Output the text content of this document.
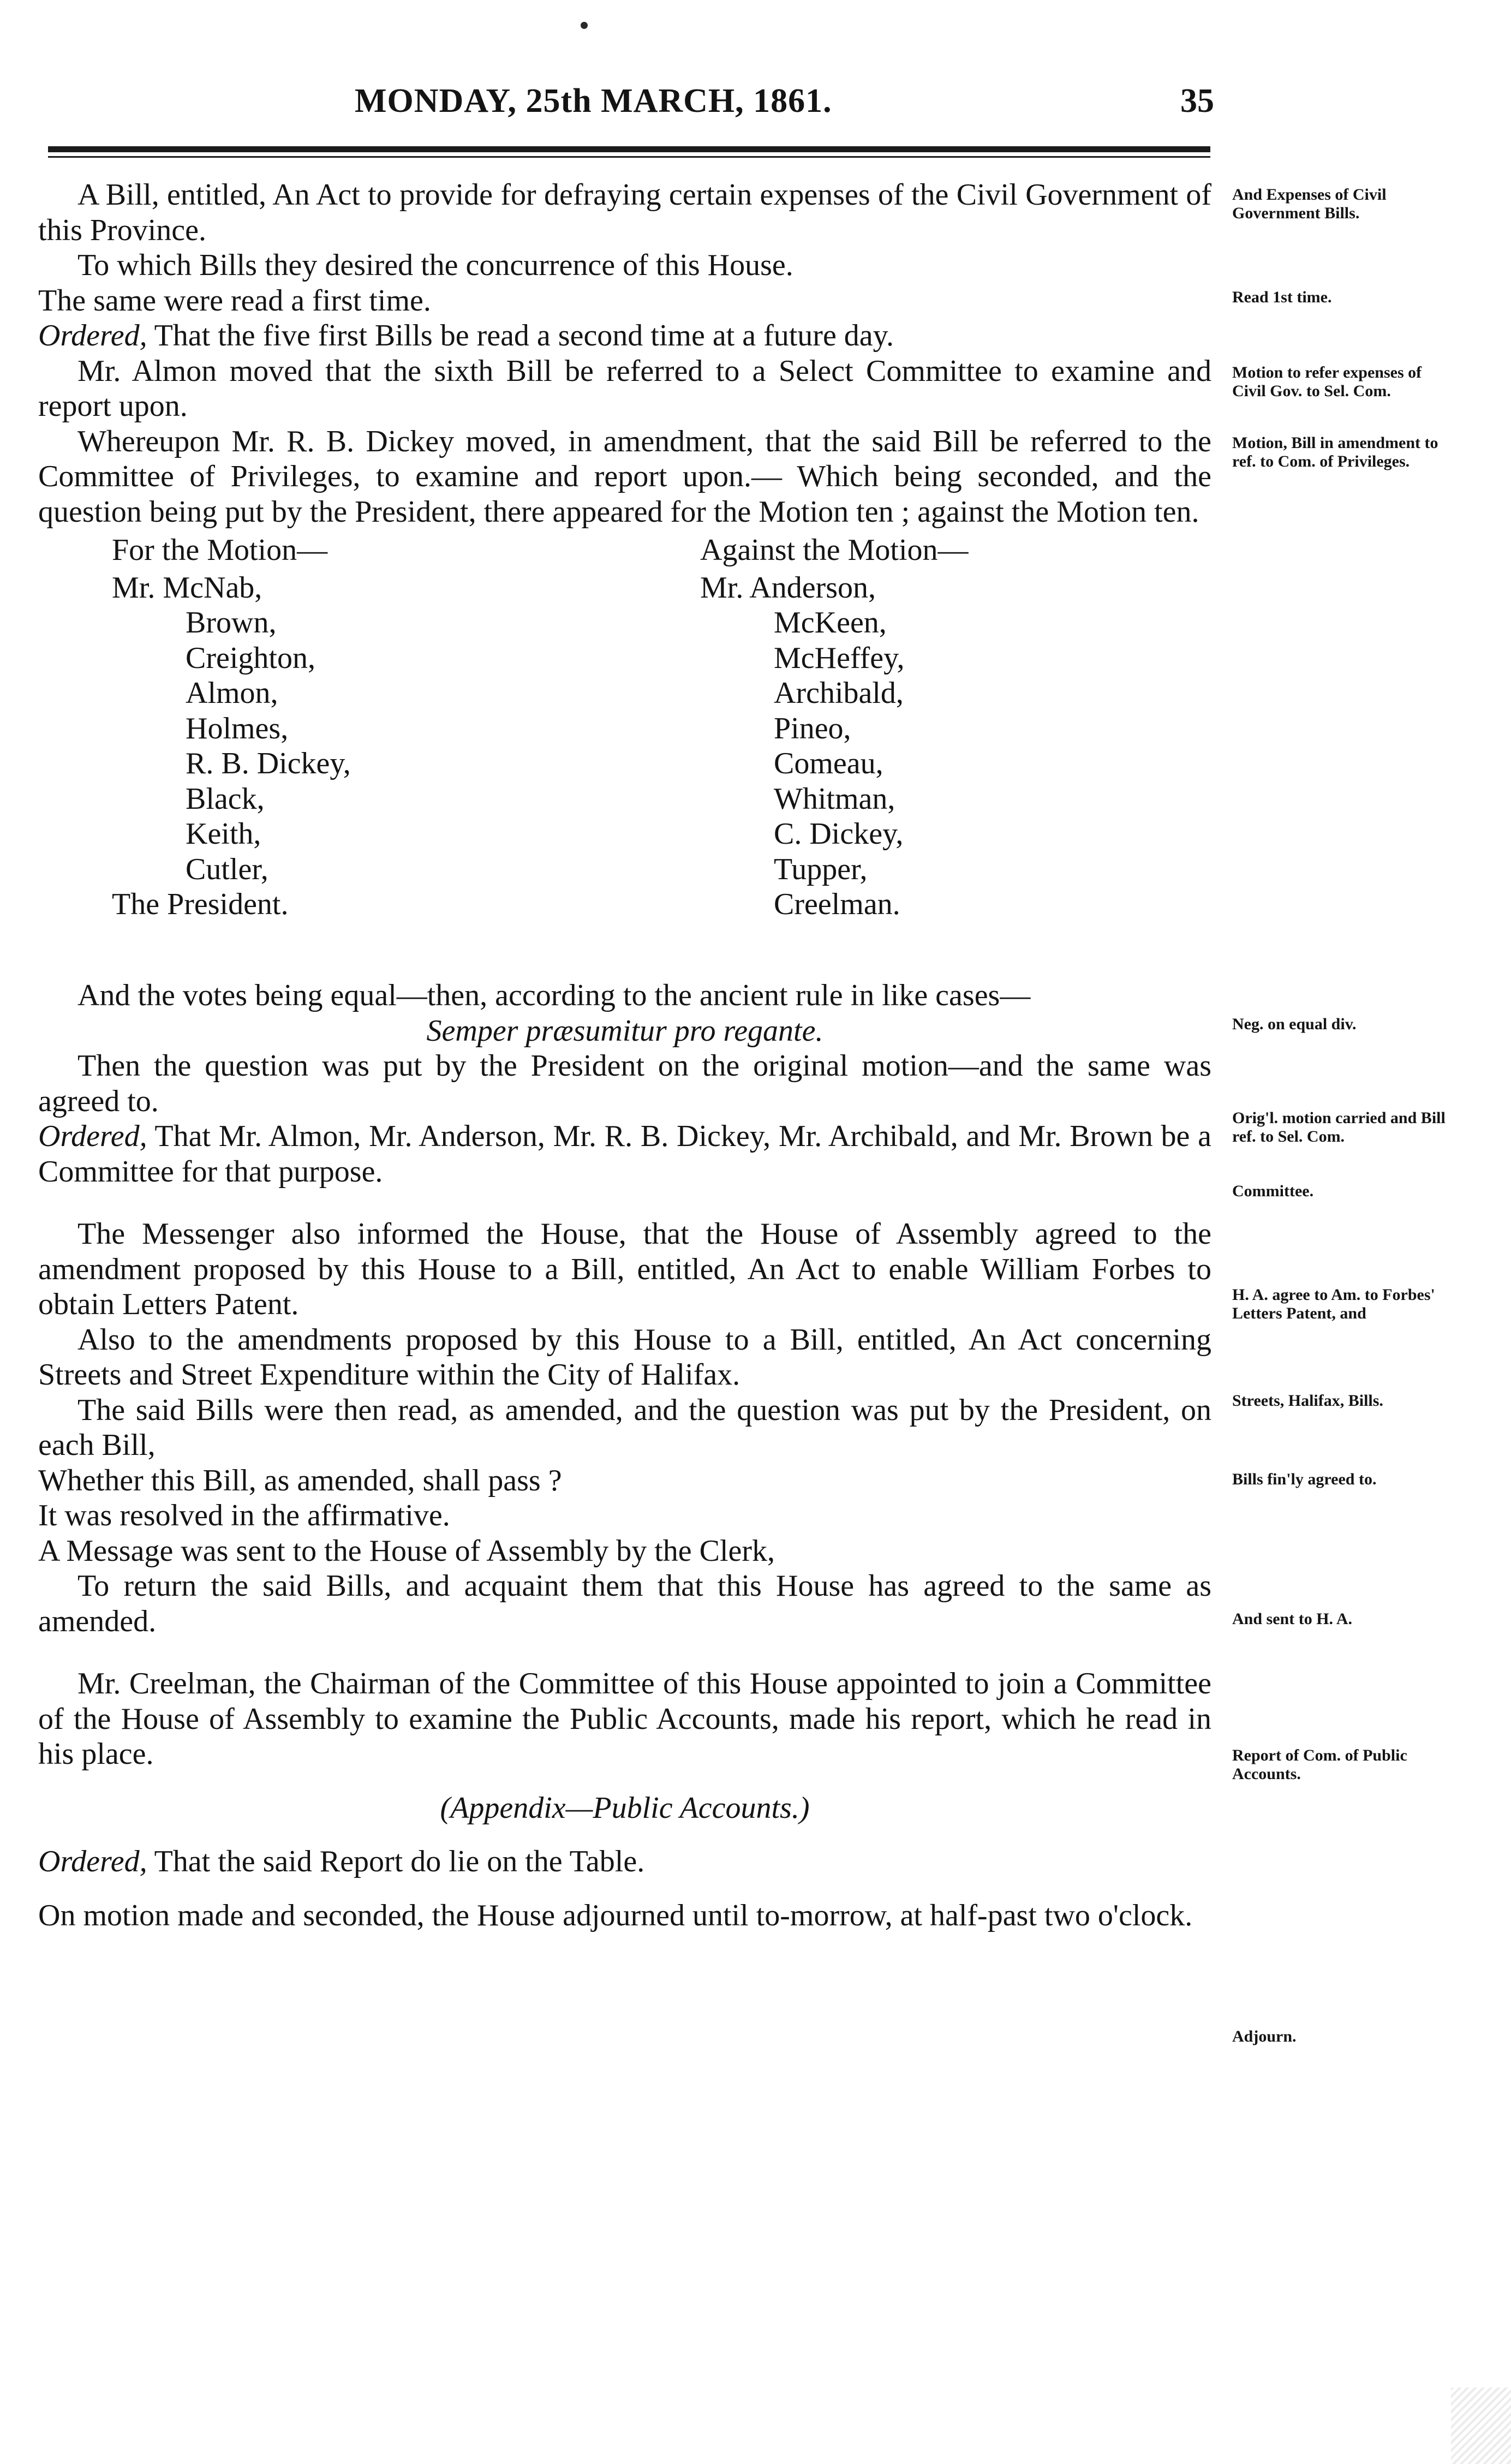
MONDAY, 25th MARCH, 1861.	35

A Bill, entitled, An Act to provide for defraying certain expenses of the Civil Government of this Province.

To which Bills they desired the concurrence of this House.

The same were read a first time.

Ordered, That the five first Bills be read a second time at a future day.

Mr. Almon moved that the sixth Bill be referred to a Select Committee to examine and report upon.

Whereupon Mr. R. B. Dickey moved, in amendment, that the said Bill be referred to the Committee of Privileges, to examine and report upon.— Which being seconded, and the question being put by the President, there appeared for the Motion ten ; against the Motion ten.

For the Motion—

Mr. McNab,
Brown,
Creighton,
Almon,
Holmes,
R. B. Dickey,
Black,
Keith,
Cutler,
The President.

Against the Motion—

Mr. Anderson,
McKeen,
McHeffey,
Archibald,
Pineo,
Comeau,
Whitman,
C. Dickey,
Tupper,
Creelman.

And the votes being equal—then, according to the ancient rule in like cases—

Semper præsumitur pro regante.

Then the question was put by the President on the original motion—and the same was agreed to.

Ordered, That Mr. Almon, Mr. Anderson, Mr. R. B. Dickey, Mr. Archibald, and Mr. Brown be a Committee for that purpose.

The Messenger also informed the House, that the House of Assembly agreed to the amendment proposed by this House to a Bill, entitled, An Act to enable William Forbes to obtain Letters Patent.

Also to the amendments proposed by this House to a Bill, entitled, An Act concerning Streets and Street Expenditure within the City of Halifax.

The said Bills were then read, as amended, and the question was put by the President, on each Bill,

Whether this Bill, as amended, shall pass ?

It was resolved in the affirmative.

A Message was sent to the House of Assembly by the Clerk,

To return the said Bills, and acquaint them that this House has agreed to the same as amended.

Mr. Creelman, the Chairman of the Committee of this House appointed to join a Committee of the House of Assembly to examine the Public Accounts, made his report, which he read in his place.

(Appendix—Public Accounts.)

Ordered, That the said Report do lie on the Table.

On motion made and seconded, the House adjourned until to-morrow, at half-past two o'clock.

And Expenses of Civil Government Bills.

Read 1st time.

Motion to refer expenses of Civil Gov. to Sel. Com.

Motion, Bill in amendment to ref. to Com. of Privileges.

Neg. on equal div.

Orig'l. motion carried and Bill ref. to Sel. Com.

Committee.

H. A. agree to Am. to Forbes' Letters Patent, and

Streets, Halifax, Bills.

Bills fin'ly agreed to.

And sent to H. A.

Report of Com. of Public Accounts.

Adjourn.
